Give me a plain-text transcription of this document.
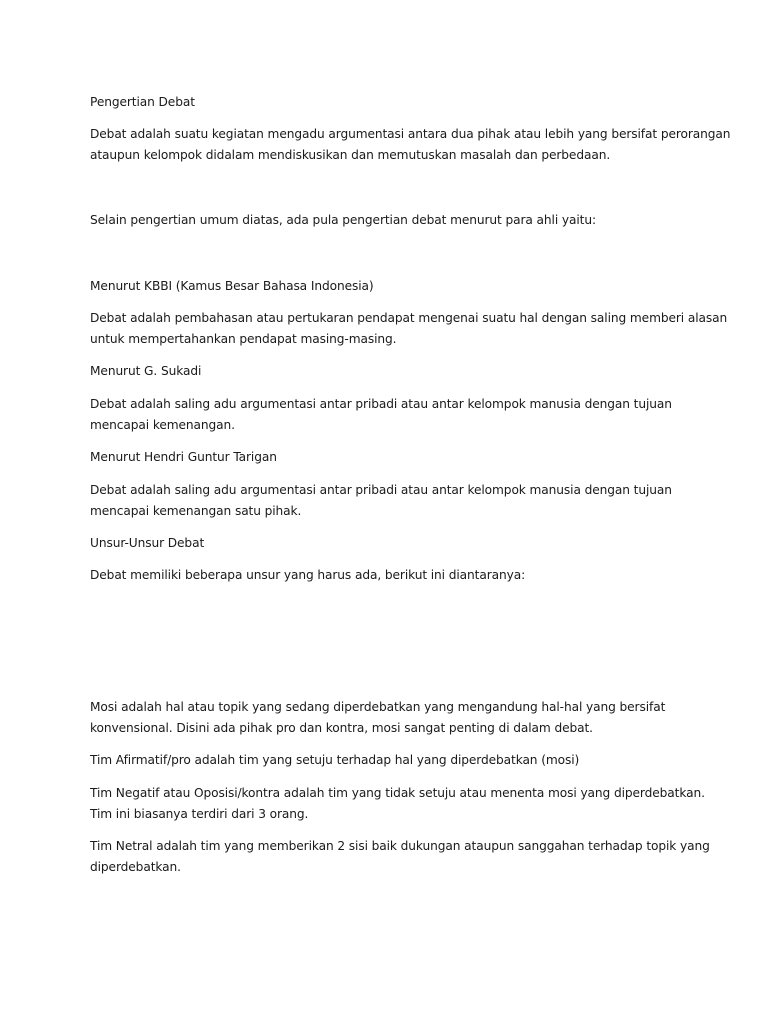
Pengertian Debat

Debat adalah suatu kegiatan mengadu argumentasi antara dua pihak atau lebih yang bersifat perorangan
ataupun kelompok didalam mendiskusikan dan memutuskan masalah dan perbedaan.

Selain pengertian umum diatas, ada pula pengertian debat menurut para ahli yaitu:

Menurut KBBI (Kamus Besar Bahasa Indonesia)

Debat adalah pembahasan atau pertukaran pendapat mengenai suatu hal dengan saling memberi alasan
untuk mempertahankan pendapat masing-masing.

Menurut G. Sukadi

Debat adalah saling adu argumentasi antar pribadi atau antar kelompok manusia dengan tujuan
mencapai kemenangan.

Menurut Hendri Guntur Tarigan

Debat adalah saling adu argumentasi antar pribadi atau antar kelompok manusia dengan tujuan
mencapai kemenangan satu pihak.

Unsur-Unsur Debat

Debat memiliki beberapa unsur yang harus ada, berikut ini diantaranya:

Mosi adalah hal atau topik yang sedang diperdebatkan yang mengandung hal-hal yang bersifat
konvensional. Disini ada pihak pro dan kontra, mosi sangat penting di dalam debat.

Tim Afirmatif/pro adalah tim yang setuju terhadap hal yang diperdebatkan (mosi)

Tim Negatif atau Oposisi/kontra adalah tim yang tidak setuju atau menenta mosi yang diperdebatkan.
Tim ini biasanya terdiri dari 3 orang.

Tim Netral adalah tim yang memberikan 2 sisi baik dukungan ataupun sanggahan terhadap topik yang
diperdebatkan.
